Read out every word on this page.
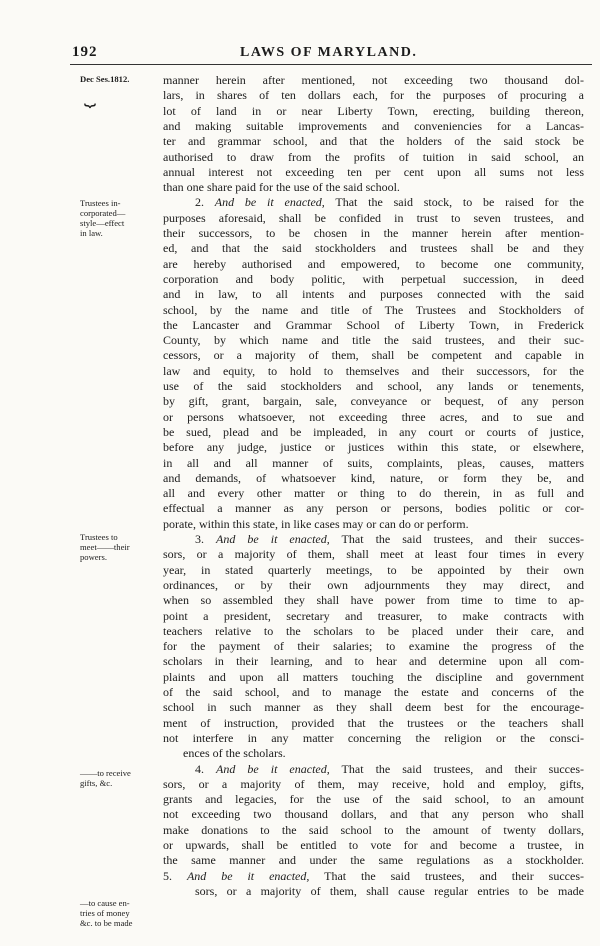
192	LAWS OF MARYLAND.
Dec Ses.1812.
⏟
Trustees in-
corporated—
style—effect
in law.
Trustees to
meet——their
powers.
——to receive
gifts, &c.
—to cause en-
tries of money
&c. to be made
manner herein after mentioned, not exceeding two thousand dol-
lars, in shares of ten dollars each, for the purposes of procuring a
lot of land in or near Liberty Town, erecting, building thereon,
and making suitable improvements and conveniencies for a Lancas-
ter and grammar school, and that the holders of the said stock be
authorised to draw from the profits of tuition in said school, an
annual interest not exceeding ten per cent upon all sums not less
than one share paid for the use of the said school.
2. And be it enacted, That the said stock, to be raised for the
purposes aforesaid, shall be confided in trust to seven trustees, and
their successors, to be chosen in the manner herein after mention-
ed, and that the said stockholders and trustees shall be and they
are hereby authorised and empowered, to become one community,
corporation and body politic, with perpetual succession, in deed
and in law, to all intents and purposes connected with the said
school, by the name and title of The Trustees and Stockholders of
the Lancaster and Grammar School of Liberty Town, in Frederick
County, by which name and title the said trustees, and their suc-
cessors, or a majority of them, shall be competent and capable in
law and equity, to hold to themselves and their successors, for the
use of the said stockholders and school, any lands or tenements,
by gift, grant, bargain, sale, conveyance or bequest, of any person
or persons whatsoever, not exceeding three acres, and to sue and
be sued, plead and be impleaded, in any court or courts of justice,
before any judge, justice or justices within this state, or elsewhere,
in all and all manner of suits, complaints, pleas, causes, matters
and demands, of whatsoever kind, nature, or form they be, and
all and every other matter or thing to do therein, in as full and
effectual a manner as any person or persons, bodies politic or cor-
porate, within this state, in like cases may or can do or perform.
3. And be it enacted, That the said trustees, and their succes-
sors, or a majority of them, shall meet at least four times in every
year, in stated quarterly meetings, to be appointed by their own
ordinances, or by their own adjournments they may direct, and
when so assembled they shall have power from time to time to ap-
point a president, secretary and treasurer, to make contracts with
teachers relative to the scholars to be placed under their care, and
for the payment of their salaries; to examine the progress of the
scholars in their learning, and to hear and determine upon all com-
plaints and upon all matters touching the discipline and government
of the said school, and to manage the estate and concerns of the
school in such manner as they shall deem best for the encourage-
ment of instruction, provided that the trustees or the teachers shall
not interfere in any matter concerning the religion or the consci-
ences of the scholars.
4. And be it enacted, That the said trustees, and their succes-
sors, or a majority of them, may receive, hold and employ, gifts,
grants and legacies, for the use of the said school, to an amount
not exceeding two thousand dollars, and that any person who shall
make donations to the said school to the amount of twenty dollars,
or upwards, shall be entitled to vote for and become a trustee, in
the same manner and under the same regulations as a stockholder.
5. And be it enacted, That the said trustees, and their succes-
sors, or a majority of them, shall cause regular entries to be made
